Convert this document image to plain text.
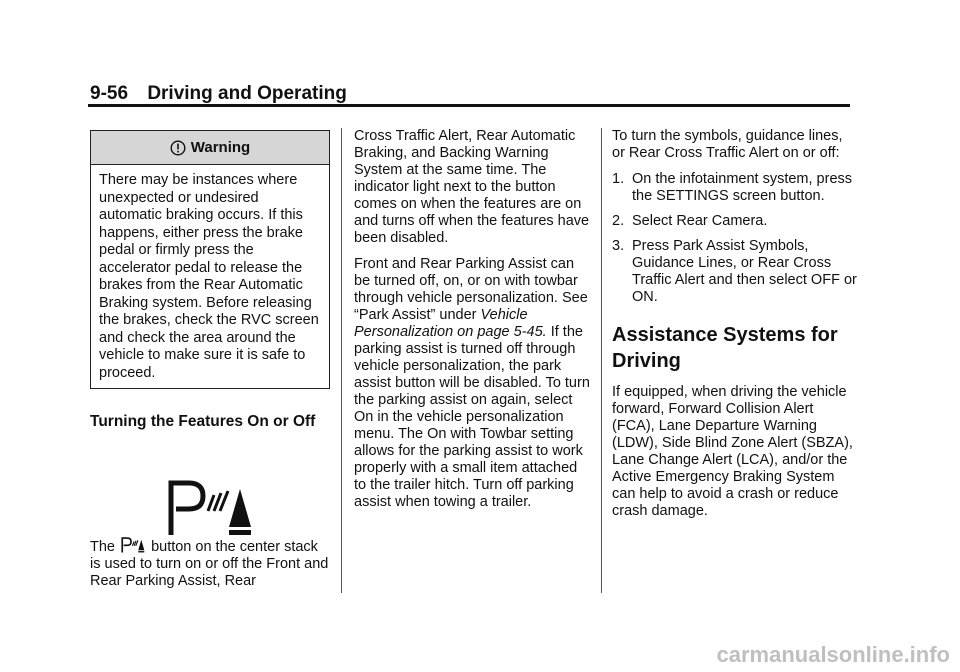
9-56 Driving and Operating
Warning
There may be instances where unexpected or undesired automatic braking occurs. If this happens, either press the brake pedal or firmly press the accelerator pedal to release the brakes from the Rear Automatic Braking system. Before releasing the brakes, check the RVC screen and check the area around the vehicle to make sure it is safe to proceed.
Turning the Features On or Off

The button on the center stack is used to turn on or off the Front and Rear Parking Assist, Rear

Cross Traffic Alert, Rear Automatic Braking, and Backing Warning System at the same time. The indicator light next to the button comes on when the features are on and turns off when the features have been disabled.

Front and Rear Parking Assist can be turned off, on, or on with towbar through vehicle personalization. See “Park Assist” under Vehicle Personalization on page 5-45. If the parking assist is turned off through vehicle personalization, the park assist button will be disabled. To turn the parking assist on again, select On in the vehicle personalization menu. The On with Towbar setting allows for the parking assist to work properly with a small item attached to the trailer hitch. Turn off parking assist when towing a trailer.

To turn the symbols, guidance lines, or Rear Cross Traffic Alert on or off:

1. On the infotainment system, press the SETTINGS screen button.
2. Select Rear Camera.
3. Press Park Assist Symbols, Guidance Lines, or Rear Cross Traffic Alert and then select OFF or ON.
Assistance Systems for Driving

If equipped, when driving the vehicle forward, Forward Collision Alert (FCA), Lane Departure Warning (LDW), Side Blind Zone Alert (SBZA), Lane Change Alert (LCA), and/or the Active Emergency Braking System can help to avoid a crash or reduce crash damage.

carmanualsonline.info
